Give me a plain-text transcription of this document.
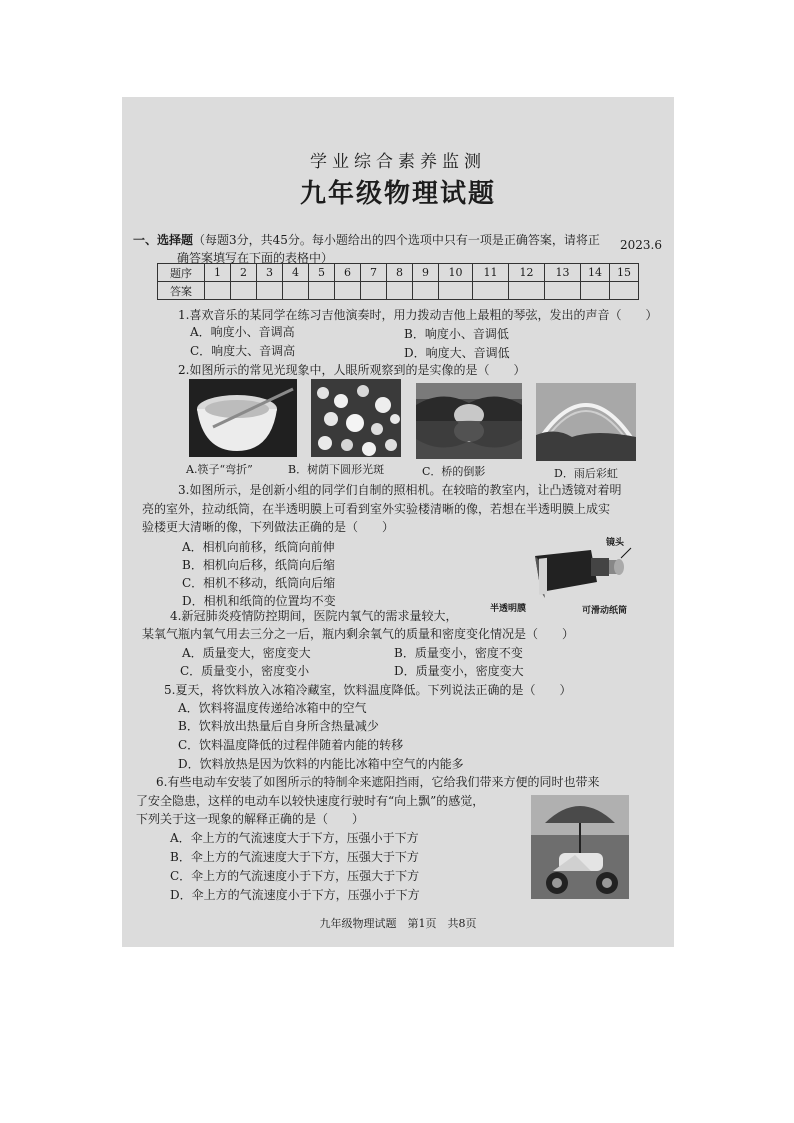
学业综合素养监测
九年级物理试题
2023.6
一、选择题（每题3分，共45分。每小题给出的四个选项中只有一项是正确答案，请将正
确答案填写在下面的表格中）
题序	1	2	3	4	5	6	7	8	9	10	11	12	13	14	15
答案															
1.喜欢音乐的某同学在练习吉他演奏时，用力拨动吉他上最粗的琴弦，发出的声音（　　）
A．响度小、音调高	B．响度小、音调低
C．响度大、音调高	D．响度大、音调低
2.如图所示的常见光现象中，人眼所观察到的是实像的是（　　）
A.筷子“弯折”	B．树荫下圆形光斑	C．桥的倒影	D．雨后彩虹
3.如图所示，是创新小组的同学们自制的照相机。在较暗的教室内，让凸透镜对着明
亮的室外，拉动纸筒，在半透明膜上可看到室外实验楼清晰的像，若想在半透明膜上成实
验楼更大清晰的像，下列做法正确的是（　　）
A．相机向前移，纸筒向前伸
B．相机向后移，纸筒向后缩
C．相机不移动，纸筒向后缩
D．相机和纸筒的位置均不变
镜头
半透明膜	可滑动纸筒
4.新冠肺炎疫情防控期间，医院内氧气的需求量较大，
某氧气瓶内氧气用去三分之一后，瓶内剩余氧气的质量和密度变化情况是（　　）
A．质量变大，密度变大	B．质量变小，密度不变
C．质量变小，密度变小	D．质量变小，密度变大
5.夏天，将饮料放入冰箱冷藏室，饮料温度降低。下列说法正确的是（　　）
A．饮料将温度传递给冰箱中的空气
B．饮料放出热量后自身所含热量减少
C．饮料温度降低的过程伴随着内能的转移
D．饮料放热是因为饮料的内能比冰箱中空气的内能多
6.有些电动车安装了如图所示的特制伞来遮阳挡雨，它给我们带来方便的同时也带来
了安全隐患，这样的电动车以较快速度行驶时有“向上飘”的感觉，
下列关于这一现象的解释正确的是（　　）
A．伞上方的气流速度大于下方，压强小于下方
B．伞上方的气流速度大于下方，压强大于下方
C．伞上方的气流速度小于下方，压强大于下方
D．伞上方的气流速度小于下方，压强小于下方
九年级物理试题　第1页　共8页
